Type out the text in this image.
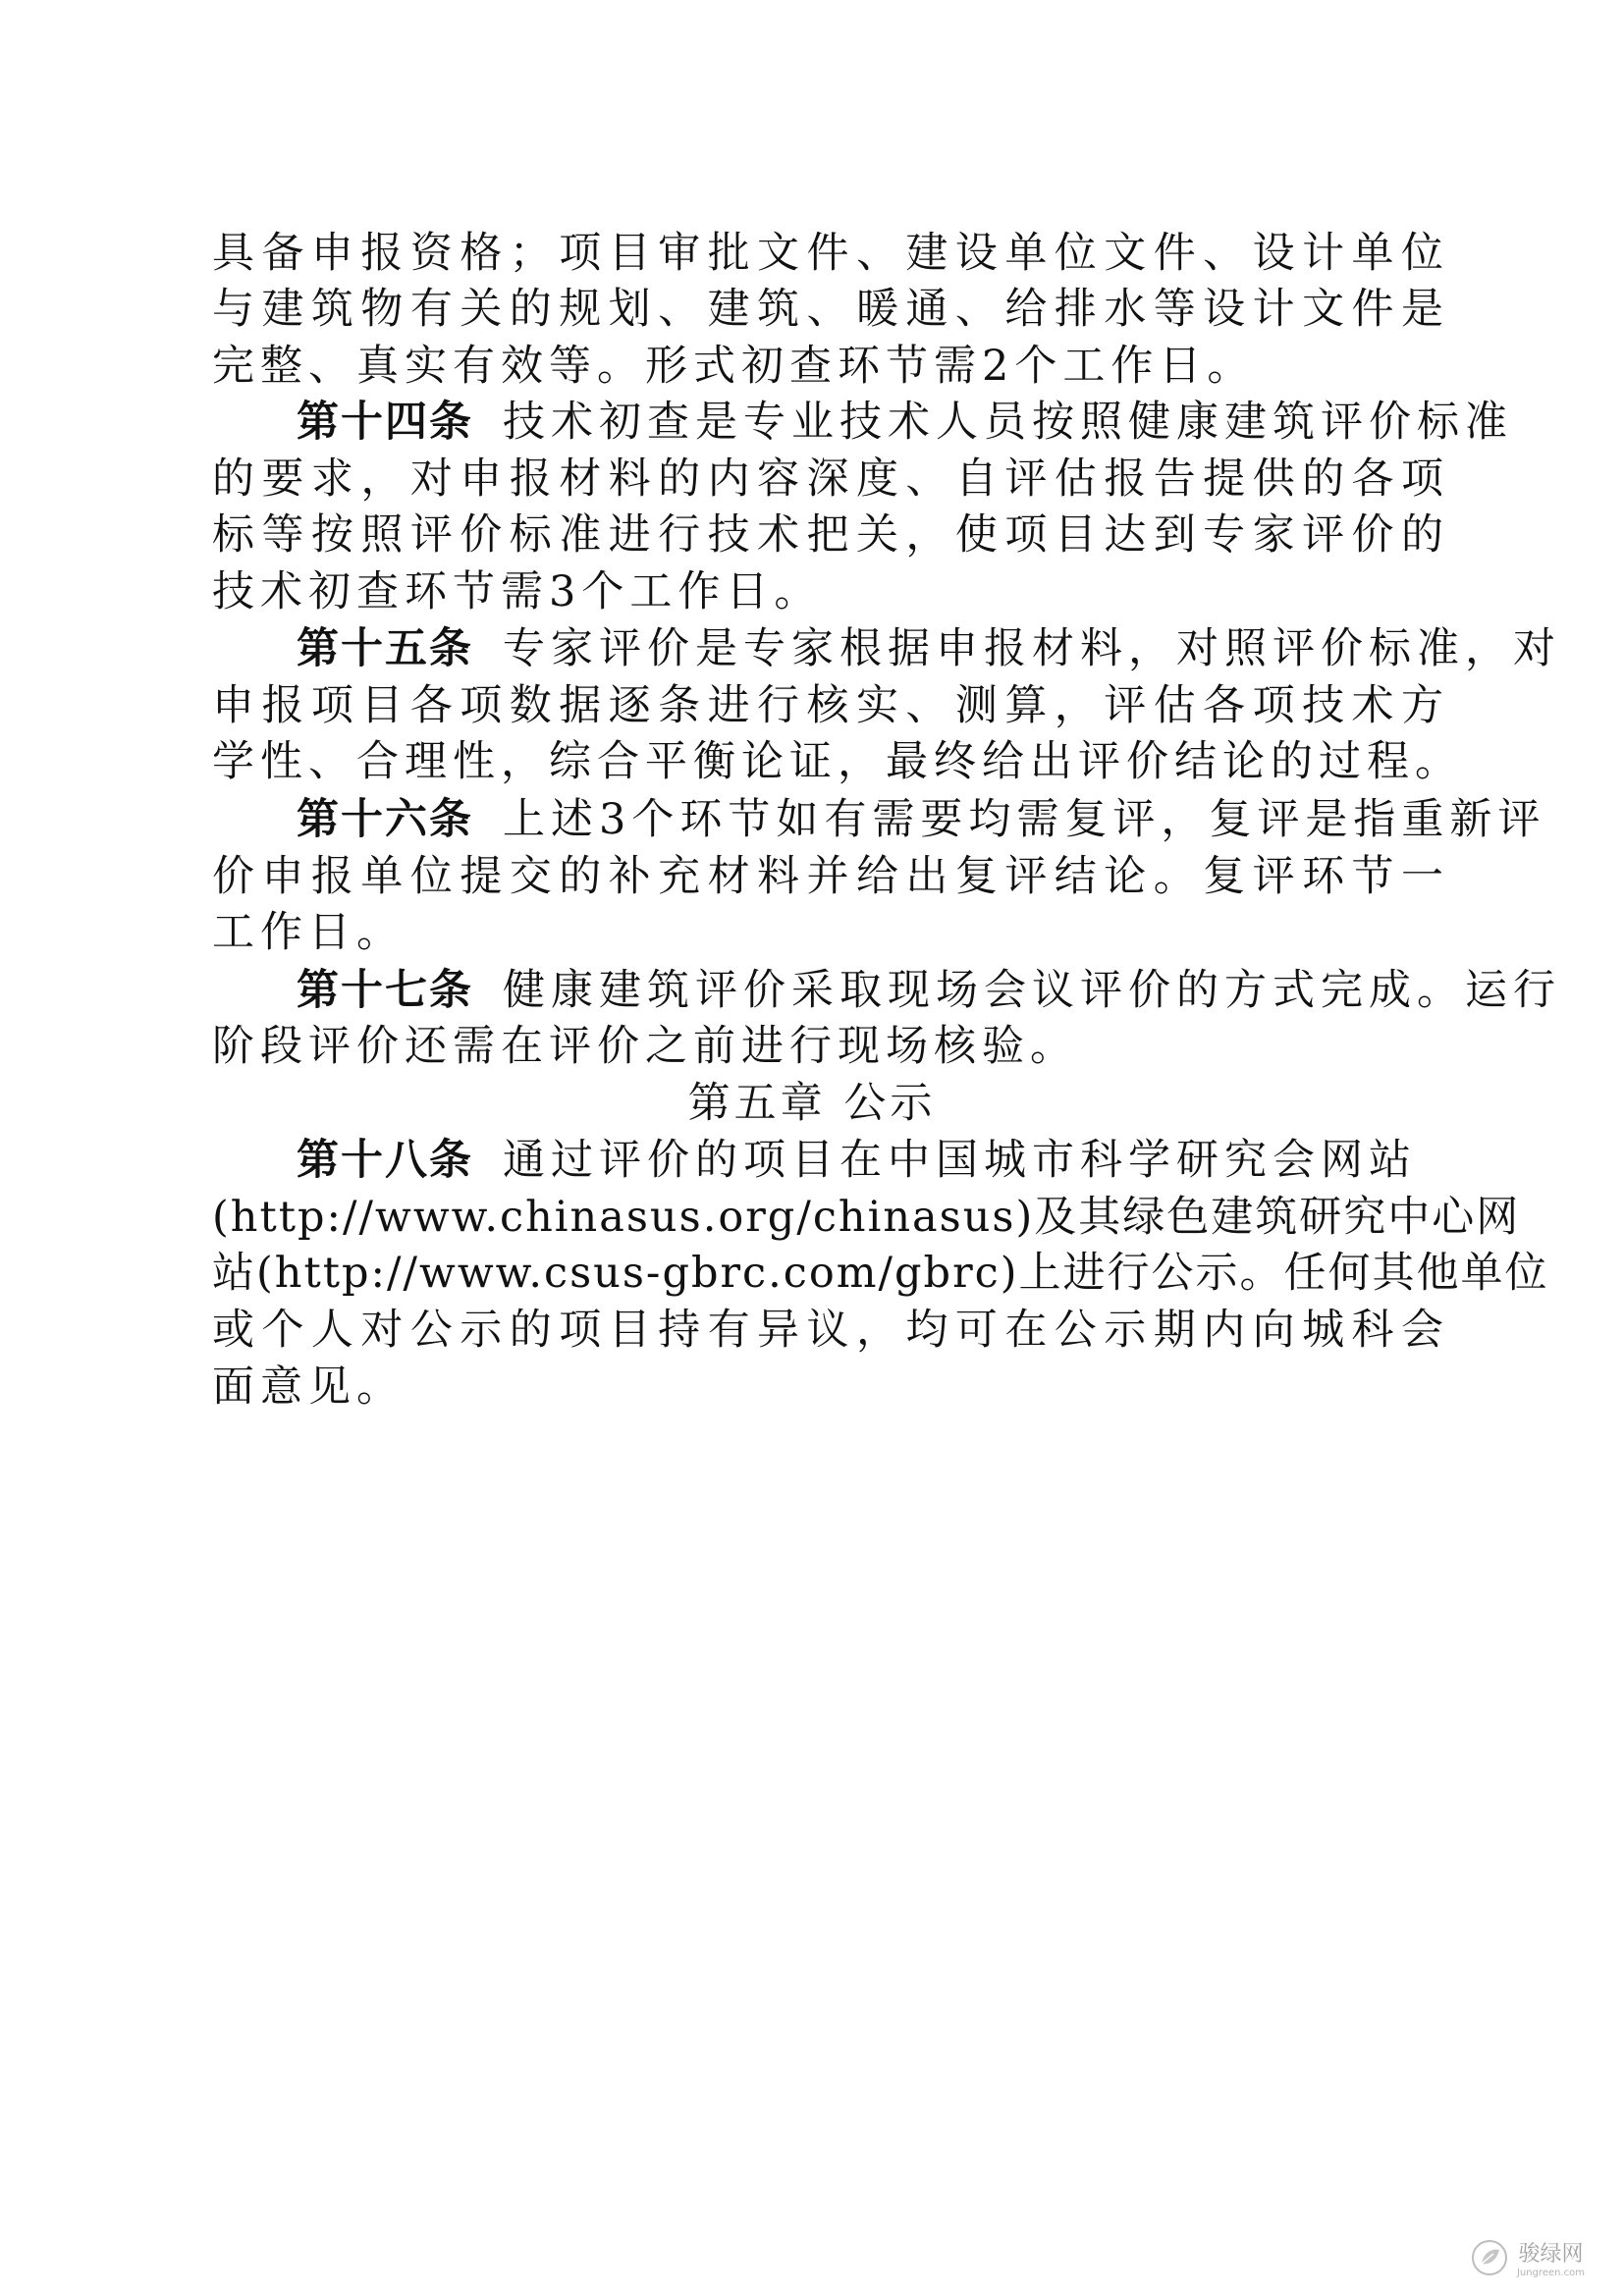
具备申报资格；项目审批文件、建设单位文件、设计单位
与建筑物有关的规划、建筑、暖通、给排水等设计文件是
完整、真实有效等。形式初查环节需2个工作日。
第十四条 技术初查是专业技术人员按照健康建筑评价标准
的要求，对申报材料的内容深度、自评估报告提供的各项
标等按照评价标准进行技术把关，使项目达到专家评价的
技术初查环节需3个工作日。
第十五条 专家评价是专家根据申报材料，对照评价标准，对
申报项目各项数据逐条进行核实、测算，评估各项技术方
学性、合理性，综合平衡论证，最终给出评价结论的过程。
第十六条 上述3个环节如有需要均需复评，复评是指重新评
价申报单位提交的补充材料并给出复评结论。复评环节一
工作日。
第十七条 健康建筑评价采取现场会议评价的方式完成。运行
阶段评价还需在评价之前进行现场核验。
第五章 公示
第十八条 通过评价的项目在中国城市科学研究会网站
(http://www.chinasus.org/chinasus)及其绿色建筑研究中心网
站(http://www.csus-gbrc.com/gbrc)上进行公示。任何其他单位
或个人对公示的项目持有异议，均可在公示期内向城科会
面意见。
骏绿网
Jungreen.com
